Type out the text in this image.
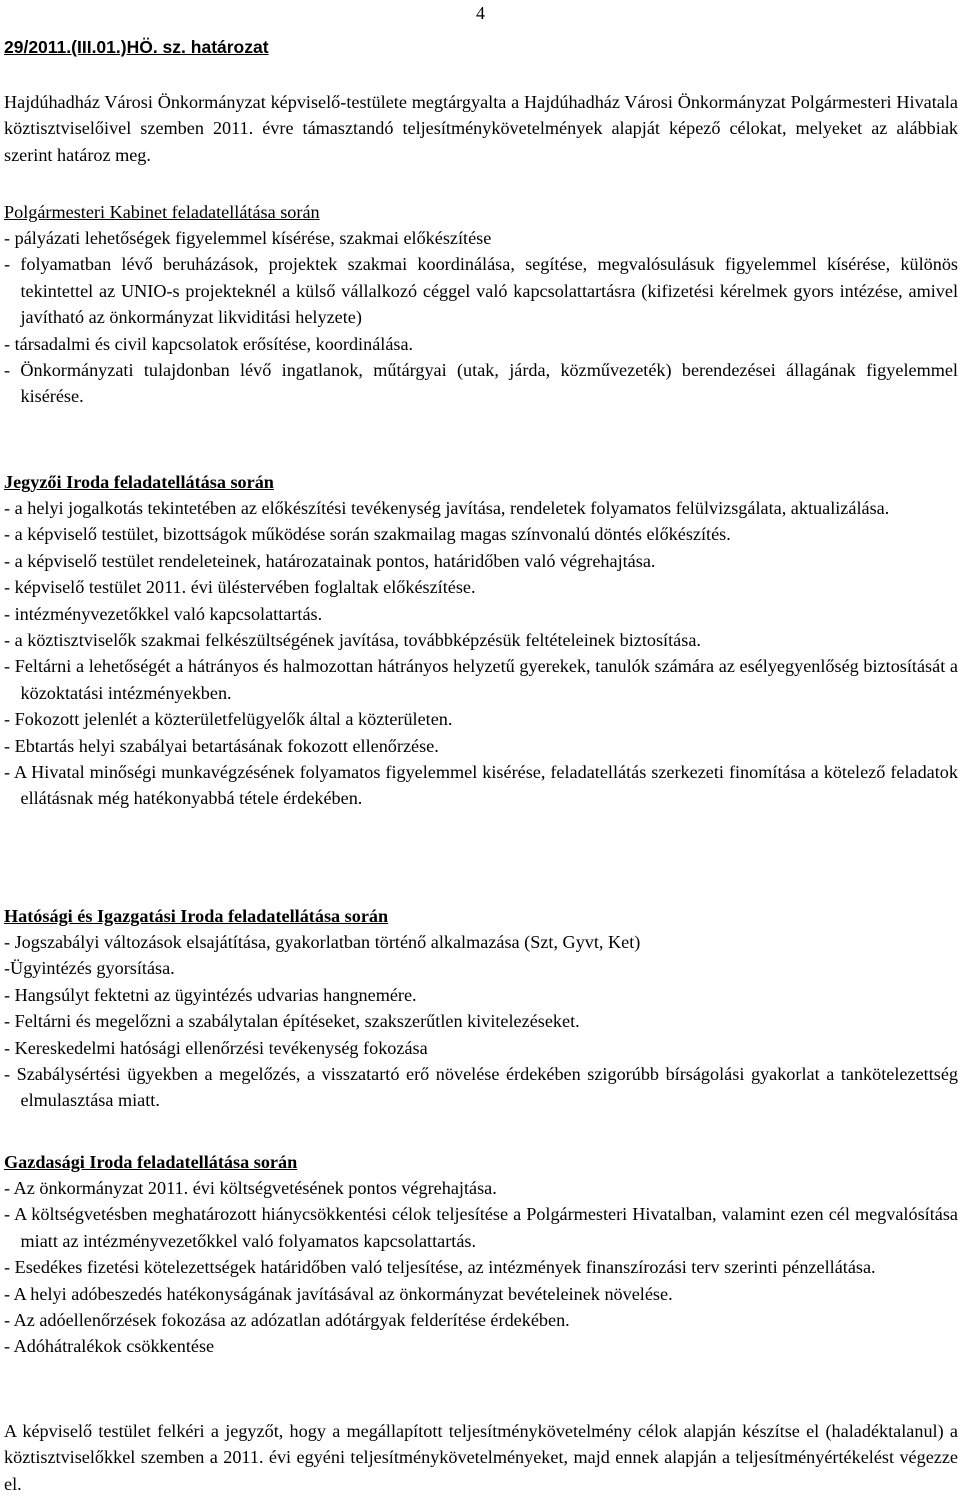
4
29/2011.(III.01.)HÖ. sz. határozat
Hajdúhadház Városi Önkormányzat képviselő-testülete megtárgyalta a Hajdúhadház Városi Önkormányzat Polgármesteri Hivatala köztisztviselőivel szemben 2011. évre támasztandó teljesítménykövetelmények alapját képező célokat, melyeket az alábbiak szerint határoz meg.
Polgármesteri Kabinet feladatellátása során
- pályázati lehetőségek figyelemmel kísérése, szakmai előkészítése
- folyamatban lévő beruházások, projektek szakmai koordinálása, segítése, megvalósulásuk figyelemmel kísérése, különös tekintettel az UNIO-s projekteknél a külső vállalkozó céggel való kapcsolattartásra (kifizetési kérelmek gyors intézése, amivel javítható az önkormányzat likviditási helyzete)
- társadalmi és civil kapcsolatok erősítése, koordinálása.
- Önkormányzati tulajdonban lévő ingatlanok, műtárgyai (utak, járda, közművezeték) berendezései állagának figyelemmel kisérése.
Jegyzői Iroda feladatellátása során
- a helyi jogalkotás tekintetében az előkészítési tevékenység javítása, rendeletek folyamatos felülvizsgálata, aktualizálása.
- a képviselő testület, bizottságok működése során szakmailag magas színvonalú döntés előkészítés.
- a képviselő testület rendeleteinek, határozatainak pontos, határidőben való végrehajtása.
- képviselő testület 2011. évi üléstervében foglaltak előkészítése.
- intézményvezetőkkel való kapcsolattartás.
- a köztisztviselők szakmai felkészültségének javítása, továbbképzésük feltételeinek biztosítása.
- Feltárni a lehetőségét a hátrányos és halmozottan hátrányos helyzetű gyerekek, tanulók számára az esélyegyenlőség biztosítását a közoktatási intézményekben.
- Fokozott jelenlét a közterületfelügyelők által a közterületen.
- Ebtartás helyi szabályai betartásának fokozott ellenőrzése.
- A Hivatal minőségi munkavégzésének folyamatos figyelemmel kisérése, feladatellátás szerkezeti finomítása a kötelező feladatok ellátásnak még hatékonyabbá tétele érdekében.
Hatósági és Igazgatási Iroda feladatellátása során
- Jogszabályi változások elsajátítása, gyakorlatban történő alkalmazása (Szt, Gyvt, Ket)
-Ügyintézés gyorsítása.
- Hangsúlyt fektetni az ügyintézés udvarias hangnemére.
- Feltárni és megelőzni a szabálytalan építéseket, szakszerűtlen kivitelezéseket.
- Kereskedelmi hatósági ellenőrzési tevékenység fokozása
- Szabálysértési ügyekben a megelőzés, a visszatartó erő növelése érdekében szigorúbb bírságolási gyakorlat a tankötelezettség elmulasztása miatt.
Gazdasági Iroda feladatellátása során
- Az önkormányzat 2011. évi költségvetésének pontos végrehajtása.
- A költségvetésben meghatározott hiánycsökkentési célok teljesítése a Polgármesteri Hivatalban, valamint ezen cél megvalósítása miatt az intézményvezetőkkel való folyamatos kapcsolattartás.
- Esedékes fizetési kötelezettségek határidőben való teljesítése, az intézmények finanszírozási terv szerinti pénzellátása.
- A helyi adóbeszedés hatékonyságának javításával az önkormányzat bevételeinek növelése.
- Az adóellenőrzések fokozása az adózatlan adótárgyak felderítése érdekében.
- Adóhátralékok csökkentése
A képviselő testület felkéri a jegyzőt, hogy a megállapított teljesítménykövetelmény célok alapján készítse el (haladéktalanul) a köztisztviselőkkel szemben a 2011. évi egyéni teljesítménykövetelményeket, majd ennek alapján a teljesítményértékelést végezze el.
